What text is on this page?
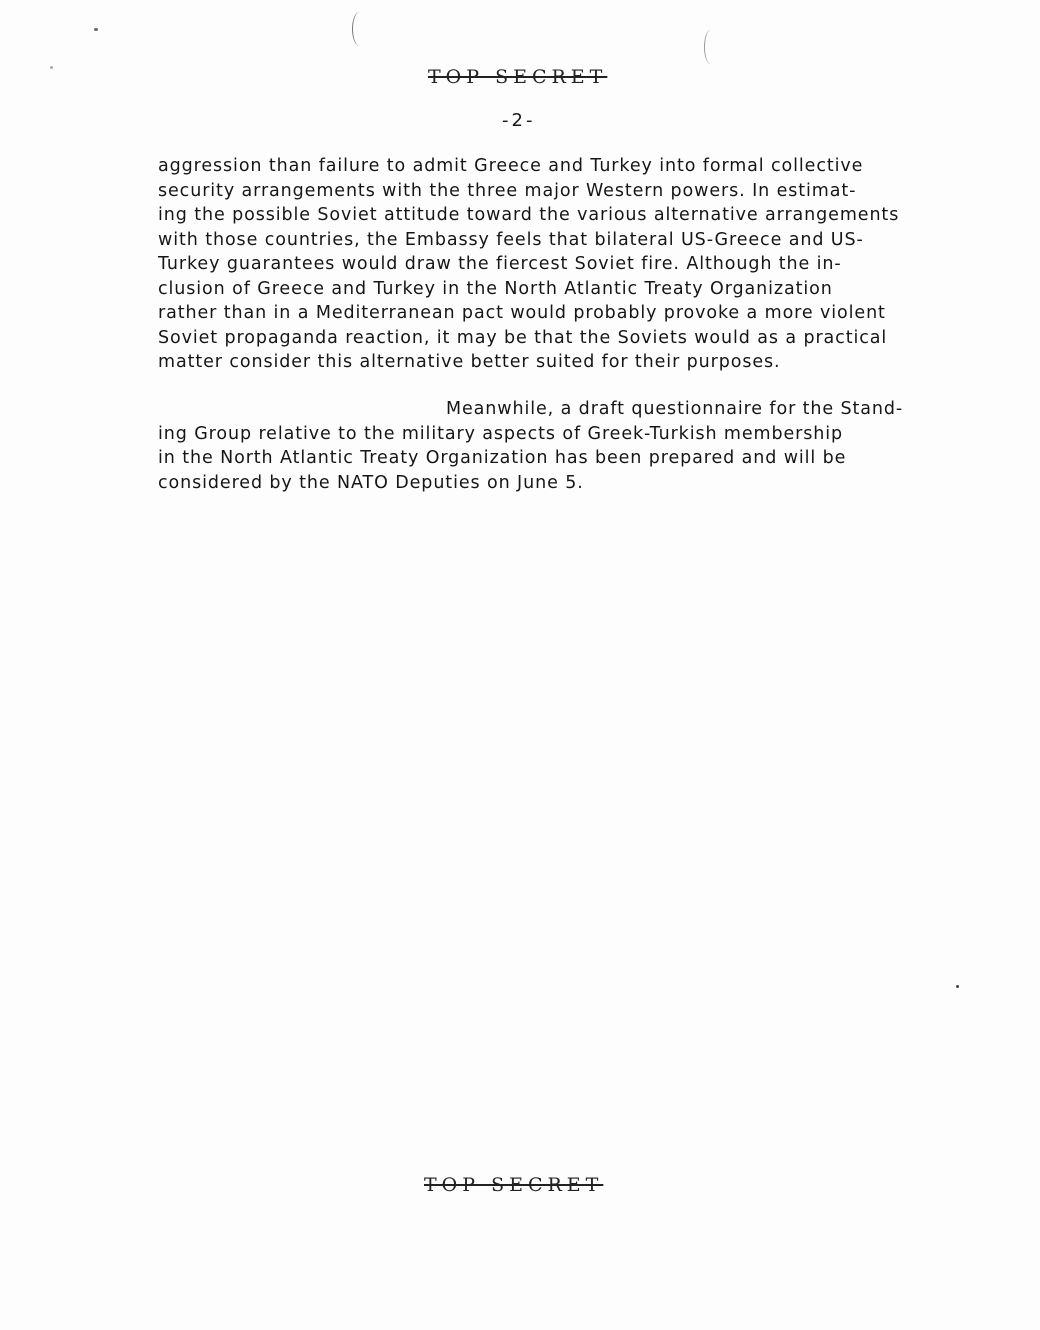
TOP SECRET
-2-
aggression than failure to admit Greece and Turkey into formal collective
security arrangements with the three major Western powers. In estimat-
ing the possible Soviet attitude toward the various alternative arrangements
with those countries, the Embassy feels that bilateral US-Greece and US-
Turkey guarantees would draw the fiercest Soviet fire. Although the in-
clusion of Greece and Turkey in the North Atlantic Treaty Organization
rather than in a Mediterranean pact would probably provoke a more violent
Soviet propaganda reaction, it may be that the Soviets would as a practical
matter consider this alternative better suited for their purposes.
Meanwhile, a draft questionnaire for the Stand-
ing Group relative to the military aspects of Greek-Turkish membership
in the North Atlantic Treaty Organization has been prepared and will be
considered by the NATO Deputies on June 5.
TOP SECRET
